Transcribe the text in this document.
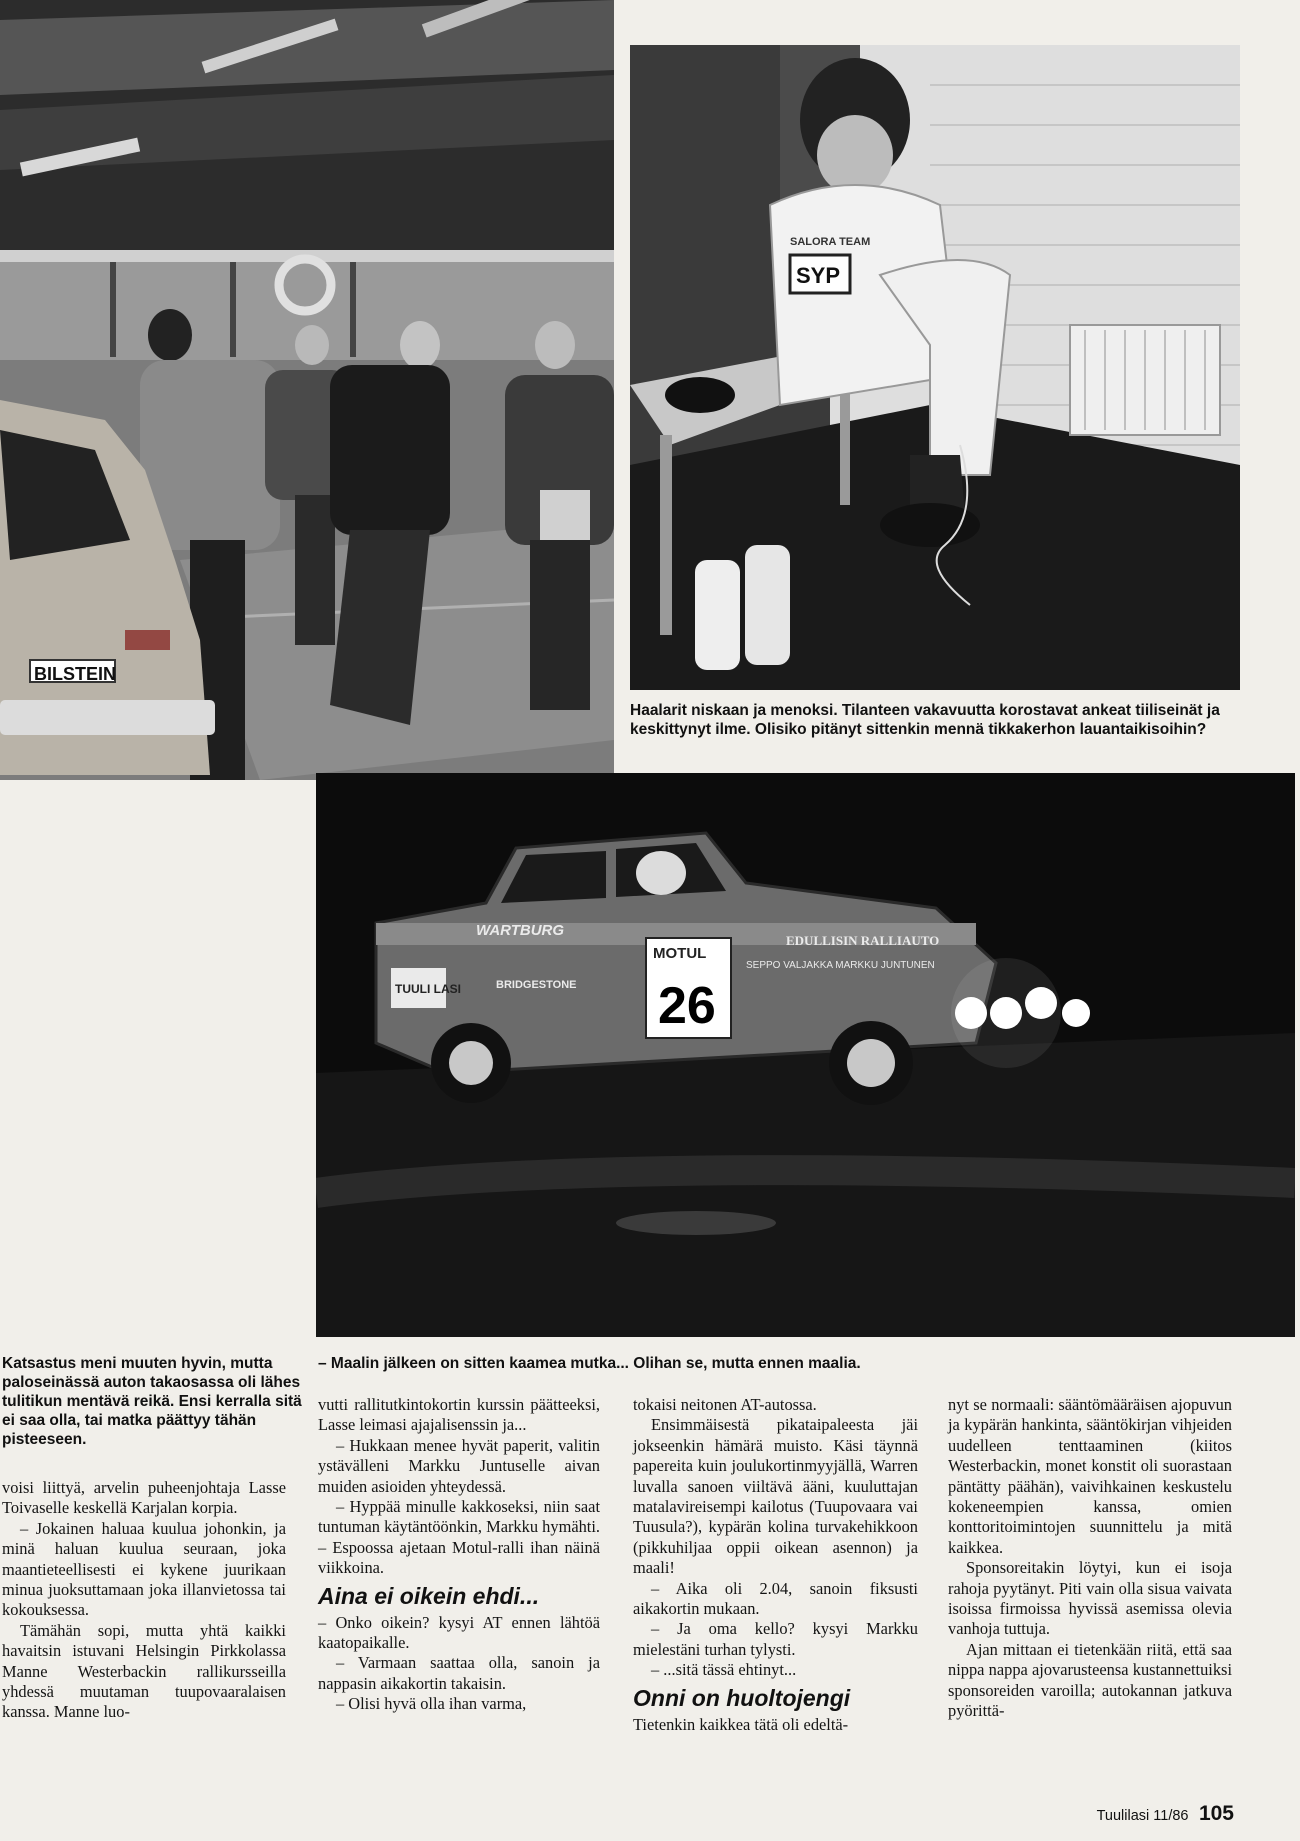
BILSTEIN
SYP
SALORA TEAM

Haalarit niskaan ja menoksi. Tilanteen vakavuutta korostavat ankeat tiiliseinät ja keskittynyt ilme. Olisiko pitänyt sittenkin mennä tikkakerhon lauantaikisoihin?

MOTUL
26
WARTBURG
EDULLISIN RALLIAUTO
SEPPO VALJAKKA MARKKU JUNTUNEN
TUULI LASI	BRIDGESTONE

Katsastus meni muuten hyvin, mutta paloseinässä auton takaosassa oli lähes tulitikun mentävä reikä. Ensi kerralla sitä ei saa olla, tai matka päättyy tähän pisteeseen.

– Maalin jälkeen on sitten kaamea mutka... Olihan se, mutta ennen maalia.

voisi liittyä, arvelin puheenjohtaja Lasse Toivaselle keskellä Karjalan korpia.

– Jokainen haluaa kuulua johonkin, ja minä haluan kuulua seuraan, joka maantieteellisesti ei kykene juurikaan minua juoksuttamaan joka illanvietossa tai kokouksessa.

Tämähän sopi, mutta yhtä kaikki havaitsin istuvani Helsingin Pirkkolassa Manne Westerbackin rallikursseilla yhdessä muutaman tuupovaaralaisen kanssa. Manne luo-

vutti rallitutkintokortin kurssin päätteeksi, Lasse leimasi ajajalisenssin ja...

– Hukkaan menee hyvät paperit, valitin ystävälleni Markku Juntuselle aivan muiden asioiden yhteydessä.

– Hyppää minulle kakkoseksi, niin saat tuntuman käytäntöönkin, Markku hymähti. – Espoossa ajetaan Motul-ralli ihan näinä viikkoina.

Aina ei oikein ehdi...

– Onko oikein? kysyi AT ennen lähtöä kaatopaikalle.

– Varmaan saattaa olla, sanoin ja nappasin aikakortin takaisin.

– Olisi hyvä olla ihan varma,

tokaisi neitonen AT-autossa.

Ensimmäisestä pikataipaleesta jäi jokseenkin hämärä muisto. Käsi täynnä papereita kuin joulukortinmyyjällä, Warren luvalla sanoen viiltävä ääni, kuuluttajan matalavireisempi kailotus (Tuupovaara vai Tuusula?), kypärän kolina turvakehikkoon (pikkuhiljaa oppii oikean asennon) ja maali!

– Aika oli 2.04, sanoin fiksusti aikakortin mukaan.

– Ja oma kello? kysyi Markku mielestäni turhan tylysti.

– ...sitä tässä ehtinyt...

Onni on huoltojengi

Tietenkin kaikkea tätä oli edeltä-

nyt se normaali: sääntömääräisen ajopuvun ja kypärän hankinta, sääntökirjan vihjeiden uudelleen tenttaaminen (kiitos Westerbackin, monet konstit oli suorastaan päntätty päähän), vaivihkainen keskustelu kokeneempien kanssa, omien konttoritoimintojen suunnittelu ja mitä kaikkea.

Sponsoreitakin löytyi, kun ei isoja rahoja pyytänyt. Piti vain olla sisua vaivata isoissa firmoissa hyvissä asemissa olevia vanhoja tuttuja.

Ajan mittaan ei tietenkään riitä, että saa nippa nappa ajovarusteensa kustannettuiksi sponsoreiden varoilla; autokannan jatkuva pyörittä-

Tuulilasi 11/86 105
